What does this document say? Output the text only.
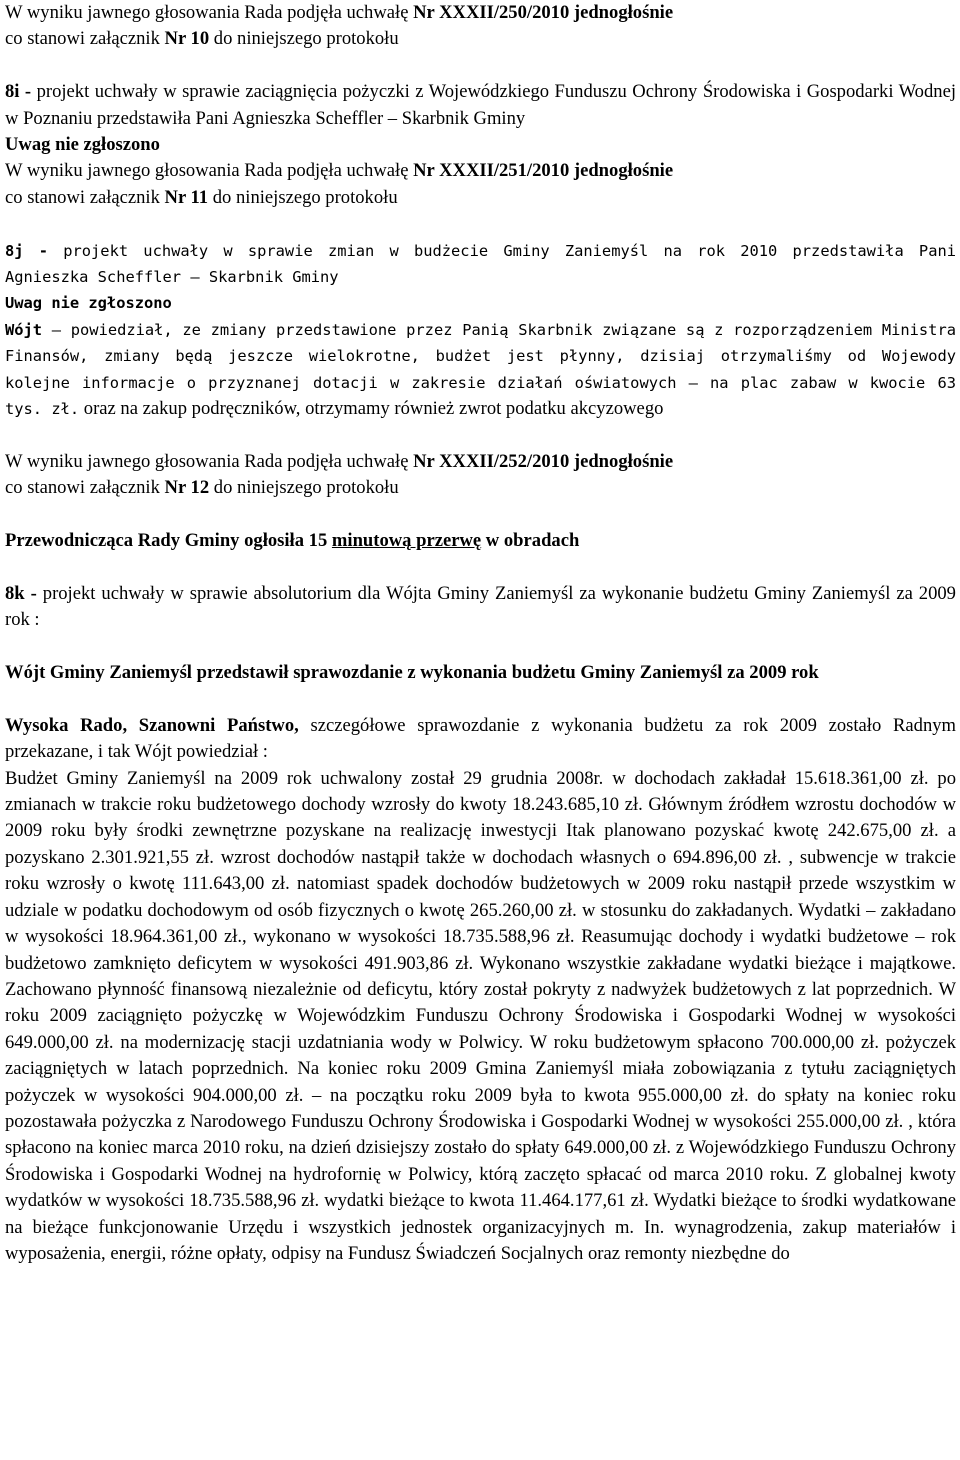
W wyniku jawnego głosowania Rada podjęła uchwałę Nr XXXII/250/2010 jednogłośnie
co stanowi załącznik Nr 10 do niniejszego protokołu
8i - projekt uchwały w sprawie zaciągnięcia pożyczki z Wojewódzkiego Funduszu Ochrony Środowiska i Gospodarki Wodnej w Poznaniu przedstawiła Pani Agnieszka Scheffler – Skarbnik Gminy
Uwag nie zgłoszono
W wyniku jawnego głosowania Rada podjęła uchwałę Nr XXXII/251/2010 jednogłośnie
co stanowi załącznik Nr 11 do niniejszego protokołu
8j - projekt uchwały w sprawie zmian w budżecie Gminy Zaniemyśl na rok 2010 przedstawiła Pani Agnieszka Scheffler – Skarbnik Gminy
Uwag nie zgłoszono
Wójt – powiedział, ze zmiany przedstawione przez Panią Skarbnik związane są z rozporządzeniem Ministra Finansów, zmiany będą jeszcze wielokrotne, budżet jest płynny, dzisiaj otrzymaliśmy od Wojewody kolejne informacje o przyznanej dotacji w zakresie działań oświatowych – na plac zabaw w kwocie 63 tys. zł. oraz na zakup podręczników, otrzymamy również zwrot podatku akcyzowego
W wyniku jawnego głosowania Rada podjęła uchwałę Nr XXXII/252/2010 jednogłośnie
co stanowi załącznik Nr 12 do niniejszego protokołu
Przewodnicząca Rady Gminy ogłosiła 15 minutową przerwę w obradach
8k - projekt uchwały w sprawie absolutorium dla Wójta Gminy Zaniemyśl za wykonanie budżetu Gminy Zaniemyśl za 2009 rok :
Wójt Gminy Zaniemyśl przedstawił sprawozdanie z wykonania budżetu Gminy Zaniemyśl za 2009 rok
Wysoka Rado, Szanowni Państwo, szczegółowe sprawozdanie z wykonania budżetu za rok 2009 zostało Radnym przekazane, i tak Wójt powiedział :
Budżet Gminy Zaniemyśl na 2009 rok uchwalony został 29 grudnia 2008r. w dochodach zakładał 15.618.361,00 zł. po zmianach w trakcie roku budżetowego dochody wzrosły do kwoty 18.243.685,10 zł. Głównym źródłem wzrostu dochodów w 2009 roku były środki zewnętrzne pozyskane na realizację inwestycji Itak planowano pozyskać kwotę 242.675,00 zł. a pozyskano 2.301.921,55 zł. wzrost dochodów nastąpił także w dochodach własnych o 694.896,00 zł. , subwencje w trakcie roku wzrosły o kwotę 111.643,00 zł. natomiast spadek dochodów budżetowych w 2009 roku nastąpił przede wszystkim w udziale w podatku dochodowym od osób fizycznych o kwotę 265.260,00 zł. w stosunku do zakładanych. Wydatki – zakładano w wysokości 18.964.361,00 zł., wykonano w wysokości 18.735.588,96 zł. Reasumując dochody i wydatki budżetowe – rok budżetowo zamknięto deficytem w wysokości 491.903,86 zł. Wykonano wszystkie zakładane wydatki bieżące i majątkowe. Zachowano płynność finansową niezależnie od deficytu, który został pokryty z nadwyżek budżetowych z lat poprzednich. W roku 2009 zaciągnięto pożyczkę w Wojewódzkim Funduszu Ochrony Środowiska i Gospodarki Wodnej w wysokości 649.000,00 zł. na modernizację stacji uzdatniania wody w Polwicy. W roku budżetowym spłacono 700.000,00 zł. pożyczek zaciągniętych w latach poprzednich. Na koniec roku 2009 Gmina Zaniemyśl miała zobowiązania z tytułu zaciągniętych pożyczek w wysokości 904.000,00 zł. – na początku roku 2009 była to kwota 955.000,00 zł. do spłaty na koniec roku pozostawała pożyczka z Narodowego Funduszu Ochrony Środowiska i Gospodarki Wodnej w wysokości 255.000,00 zł. , która spłacono na koniec marca 2010 roku, na dzień dzisiejszy zostało do spłaty 649.000,00 zł. z Wojewódzkiego Funduszu Ochrony Środowiska i Gospodarki Wodnej na hydrofornię w Polwicy, którą zaczęto spłacać od marca 2010 roku. Z globalnej kwoty wydatków w wysokości 18.735.588,96 zł. wydatki bieżące to kwota 11.464.177,61 zł. Wydatki bieżące to środki wydatkowane na bieżące funkcjonowanie Urzędu i wszystkich jednostek organizacyjnych m. In. wynagrodzenia, zakup materiałów i wyposażenia, energii, różne opłaty, odpisy na Fundusz Świadczeń Socjalnych oraz remonty niezbędne do
